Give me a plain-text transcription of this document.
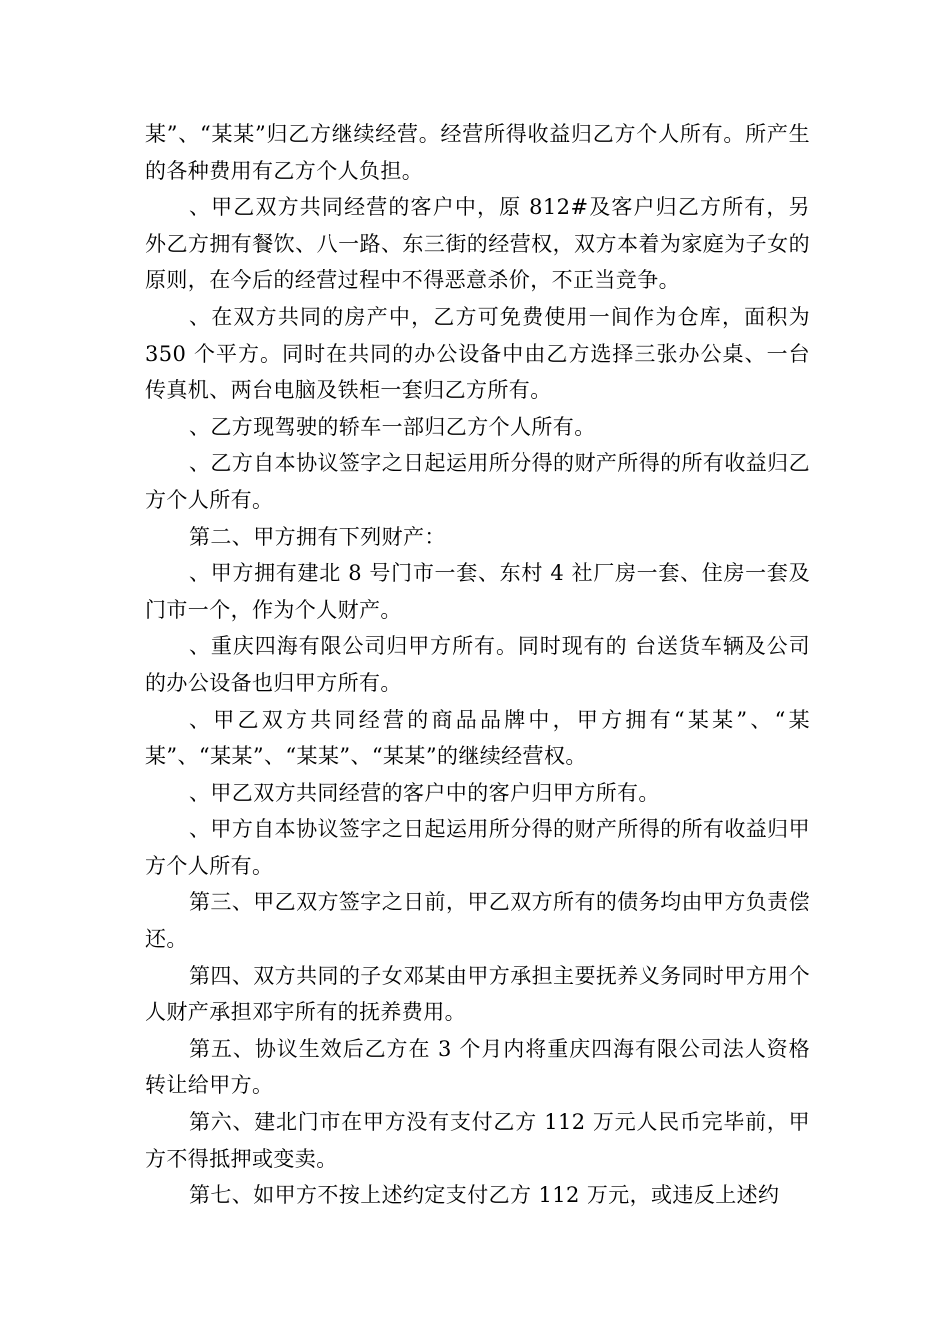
某”、“某某”归乙方继续经营。经营所得收益归乙方个人所有。所产生的各种费用有乙方个人负担。

、甲乙双方共同经营的客户中，原 812#及客户归乙方所有，另外乙方拥有餐饮、八一路、东三街的经营权，双方本着为家庭为子女的原则，在今后的经营过程中不得恶意杀价，不正当竞争。

、在双方共同的房产中，乙方可免费使用一间作为仓库，面积为 350 个平方。同时在共同的办公设备中由乙方选择三张办公桌、一台传真机、两台电脑及铁柜一套归乙方所有。

、乙方现驾驶的轿车一部归乙方个人所有。

、乙方自本协议签字之日起运用所分得的财产所得的所有收益归乙方个人所有。

第二、甲方拥有下列财产：

、甲方拥有建北 8 号门市一套、东村 4 社厂房一套、住房一套及门市一个，作为个人财产。

、重庆四海有限公司归甲方所有。同时现有的 台送货车辆及公司的办公设备也归甲方所有。

、甲乙双方共同经营的商品品牌中，甲方拥有“某某”、“某某”、“某某”、“某某”、“某某”的继续经营权。

、甲乙双方共同经营的客户中的客户归甲方所有。

、甲方自本协议签字之日起运用所分得的财产所得的所有收益归甲方个人所有。

第三、甲乙双方签字之日前，甲乙双方所有的债务均由甲方负责偿还。

第四、双方共同的子女邓某由甲方承担主要抚养义务同时甲方用个人财产承担邓宇所有的抚养费用。

第五、协议生效后乙方在 3 个月内将重庆四海有限公司法人资格转让给甲方。

第六、建北门市在甲方没有支付乙方 112 万元人民币完毕前，甲方不得抵押或变卖。

第七、如甲方不按上述约定支付乙方 112 万元，或违反上述约
